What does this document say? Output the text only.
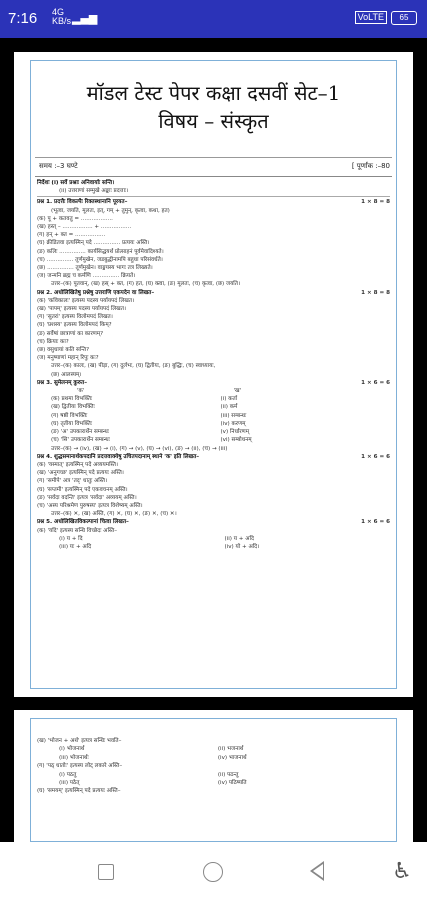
7:16 4G
KB/s ▂▄▆	VoLTE	65
मॉडल टेस्ट पेपर कक्षा दसवीं सेट–1
विषय – संस्कृत
समय :–3 घण्टे	[ पूर्णांक :–80
निर्देशः (i) सर्वे प्रश्नाः अनिवार्याः सन्ति।
(ii) उत्तराणां सम्मुखे अङ्काः प्रदत्ताः।
प्रश्न 1. प्रदत्तैः विकल्पैः रिक्तस्थानानि पूरयत–	1 × 8 = 8
(भूत्वा, जयति, मूलतः, इत्, गम् + तुमुन्, कृत्वा, कथा, हत)
(क) पू + कतवतु = ..................
(ख) हस्त् – ................. + .................
(ग) हन् + क्त = .................
(घ) क्रीडितवा इत्यस्मिन् पदे ............... प्रत्ययः अस्ति।
(ङ) कलिः ............... कार्यसिद्धयर्थं प्रोत्साहनं पूर्वमेवादिश्यते।
(च) ............... तूर्णमुखेन, जडबुद्धीनामपि बहुधा परिसंवर्धते।
(छ) ............... तूर्णमुखेन। वाङ्मयस्य भागः तत्र लिख्यते।
(ज) जन्मनि ब्रह्म च कर्मणि ............... क्रियते।
उत्तर–(क) पूतवान्, (ख) हस् + क्त, (ग) हत, (घ) क्त्वा, (ङ) मूलतः, (च) कृत्वा, (छ) जयति।
प्रश्न 2. अधोलिखितेषु प्रश्नेषु उत्तराणि एकपदेन वा लिखत–	1 × 8 = 8
(क) 'कविकालः' इत्यस्य पदस्य पर्यायपदं लिखत।
(ख) 'पापम्' इत्यस्य पदस्य पर्यायपदं लिखत।
(ग) 'सुतरां' इत्यस्य विलोमपदं लिखत।
(घ) 'प्रशस्य' इत्यस्य विलोमपदं किम्?
(ङ) सर्वेषां छात्राणां का कारणम्?
(च) क्रियाः का?
(छ) वसुधायां कति सन्ति?
(ज) मनुष्याणां महान् रिपुः कः?
उत्तर–(क) कालः, (ख) पीड़ा, (ग) दुर्लभः, (घ) द्वितीयः, (ङ) बुद्धिः, (च) स्वाध्यायः,
(छ) आलस्यम्।
प्रश्न 3. सुमेलनम् कुरुत–	1 × 6 = 6
'क'	'ख'
(क) प्रथमा विभक्तिः	(i) कर्ता
(ख) द्वितीया विभक्तिः	(ii) कर्म
(ग) षष्ठी विभक्तिः	(iii) सम्बन्धः
(घ) तृतीया विभक्तिः	(iv) करणम्
(ङ) 'अ' उपकारार्थेन सम्बन्धः	(v) निर्धारणम्
(च) 'सि' उपकारार्थेन सम्बन्धः	(vi) सम्बोधनम्
उत्तर–(क) → (iv), (ख) → (i), (ग) → (v), (घ) → (vi), (ङ) → (ii), (च) → (iii)
प्रश्न 4. शुद्धसमानार्थकपदानि प्रदत्तवाक्येषु उचितपदानाम् स्थाने 'क' इति लिखत–	1 × 6 = 6
(क) 'यस्मात्' इत्यस्मिन् पदे अव्ययमस्ति।
(ख) 'अनुगच्छ' इत्यस्मिन् पदे प्रत्ययः अस्ति।
(ग) 'समीपे' अत्र 'तद्' धातुः अस्ति।
(घ) 'सप्तमी' इत्यस्मिन् पदे एकवचनम् अस्ति।
(ङ) 'सर्वदा वदन्ति' इत्यत्र 'सर्वदा' अव्ययम् अस्ति।
(च) 'अस्य परिश्रमेण पुरुषस्य' इत्यत्र विशेष्यम् अस्ति।
उत्तर–(क) ✕, (ख) अस्ति, (ग) ✕, (घ) ✕, (ङ) ✕, (च) ✕।
प्रश्न 5. अधोलिखितविकल्पानां चित्वा लिखत–	1 × 6 = 6
(क) 'यदि' इत्यस्य सन्धि विच्छेदः अस्ति–
(i) य + दि	(ii) य + अदि
(iii) यः + अदि	(iv) यो + अदि।
(ख) 'भोजन + अर्थ' इत्यत्र सन्धिः भवति–
(i) भोजनार्थ	(ii) भजनार्थ
(iii) भोजनार्थः	(iv) भाजनार्थ
(ग) 'पठ् धातोः' इत्यस्य लोट् लकारे अस्ति–
(i) पठतु	(ii) पठन्तु
(iii) पठेत्	(iv) पठिष्यति
(घ) 'समयम्' इत्यस्मिन् पदे प्रत्ययः अस्ति–
♿
